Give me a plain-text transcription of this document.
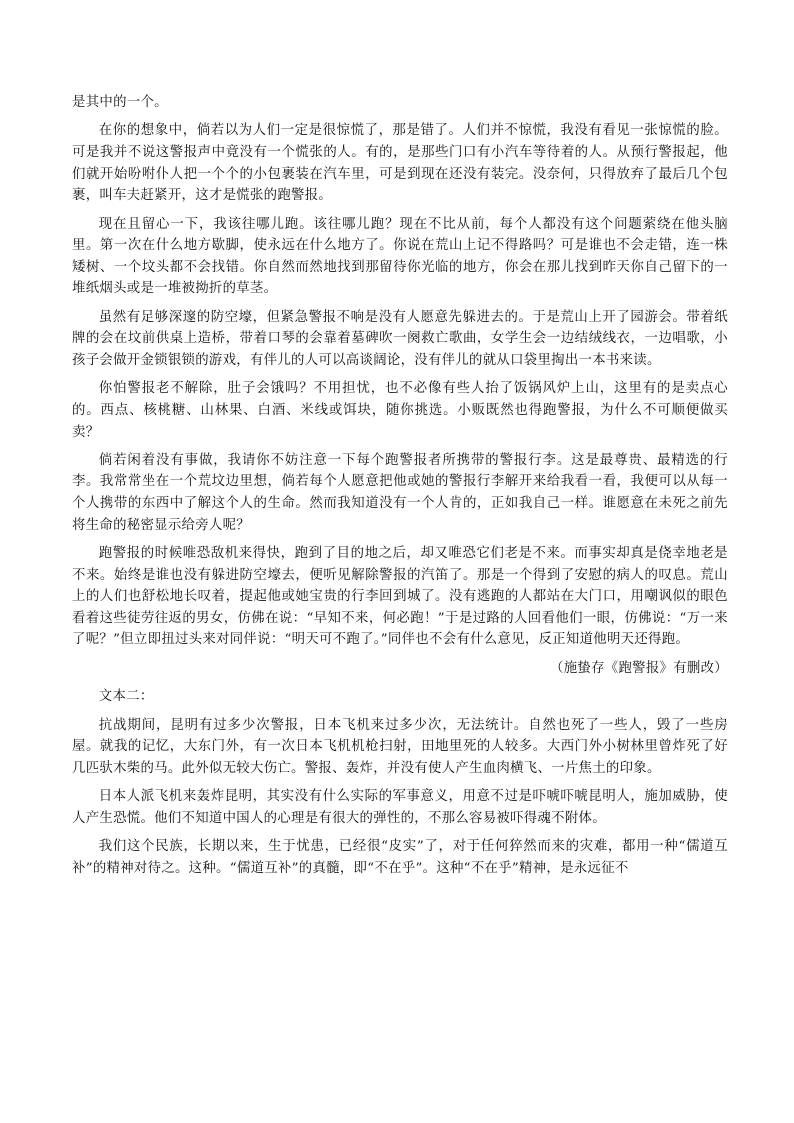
是其中的一个。

在你的想象中，倘若以为人们一定是很惊慌了，那是错了。人们并不惊慌，我没有看见一张惊慌的脸。可是我并不说这警报声中竟没有一个慌张的人。有的，是那些门口有小汽车等待着的人。从预行警报起，他们就开始吩咐仆人把一个个的小包裹装在汽车里，可是到现在还没有装完。没奈何，只得放弃了最后几个包裹，叫车夫赶紧开，这才是慌张的跑警报。

现在且留心一下，我该往哪儿跑。该往哪儿跑？现在不比从前，每个人都没有这个问题萦绕在他头脑里。第一次在什么地方歇脚，使永远在什么地方了。你说在荒山上记不得路吗？可是谁也不会走错，连一株矮树、一个坟头都不会找错。你自然而然地找到那留待你光临的地方，你会在那儿找到昨天你自己留下的一堆纸烟头或是一堆被拗折的草茎。

虽然有足够深邃的防空壕，但紧急警报不响是没有人愿意先躲进去的。于是荒山上开了园游会。带着纸牌的会在坟前供桌上造桥，带着口琴的会靠着墓碑吹一阕救亡歌曲，女学生会一边结绒线衣，一边唱歌，小孩子会做开金锁银锁的游戏，有伴儿的人可以高谈阔论，没有伴儿的就从口袋里掏出一本书来读。

你怕警报老不解除，肚子会饿吗？不用担忧，也不必像有些人抬了饭锅风炉上山，这里有的是卖点心的。西点、核桃糖、山林果、白酒、米线或饵块，随你挑选。小贩既然也得跑警报，为什么不可顺便做买卖？

倘若闲着没有事做，我请你不妨注意一下每个跑警报者所携带的警报行李。这是最尊贵、最精选的行李。我常常坐在一个荒坟边里想，倘若每个人愿意把他或她的警报行李解开来给我看一看，我便可以从每一个人携带的东西中了解这个人的生命。然而我知道没有一个人肯的，正如我自己一样。谁愿意在未死之前先将生命的秘密显示给旁人呢？

跑警报的时候唯恐敌机来得快，跑到了目的地之后，却又唯恐它们老是不来。而事实却真是侥幸地老是不来。始终是谁也没有躲进防空壕去，便听见解除警报的汽笛了。那是一个得到了安慰的病人的叹息。荒山上的人们也舒松地长叹着，提起他或她宝贵的行李回到城了。没有逃跑的人都站在大门口，用嘲讽似的眼色看着这些徒劳往返的男女，仿佛在说：“早知不来，何必跑！”于是过路的人回看他们一眼，仿佛说：“万一来了呢？”但立即扭过头来对同伴说：“明天可不跑了。”同伴也不会有什么意见，反正知道他明天还得跑。

（施蛰存《跑警报》有删改）

文本二：

抗战期间，昆明有过多少次警报，日本飞机来过多少次，无法统计。自然也死了一些人，毁了一些房屋。就我的记忆，大东门外，有一次日本飞机机枪扫射，田地里死的人较多。大西门外小树林里曾炸死了好几匹驮木柴的马。此外似无较大伤亡。警报、轰炸，并没有使人产生血肉横飞、一片焦土的印象。

日本人派飞机来轰炸昆明，其实没有什么实际的军事意义，用意不过是吓唬吓唬昆明人，施加威胁，使人产生恐慌。他们不知道中国人的心理是有很大的弹性的，不那么容易被吓得魂不附体。

我们这个民族，长期以来，生于忧患，已经很“皮实”了，对于任何猝然而来的灾难，都用一种“儒道互补”的精神对待之。这种。“儒道互补”的真髓，即“不在乎”。这种“不在乎”精神，是永远征不
